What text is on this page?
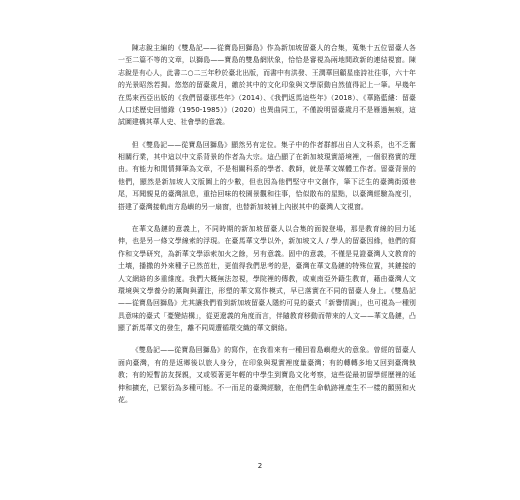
陳志銳主編的《雙島記——從寶島回獅島》作為新加坡留臺人的合集，蒐集十五位留臺人各一至二篇不等的文章，以獅島——寶島的雙島網狀象，恰恰是審視為兩地間政新的連結視窗。陳志銳是有心人，此書二○二三年秒於臺北出版，而書中有洪發、王潤華回顧星座詩社往事，六十年的光景昭然若揭。悠悠的留臺歲月，繳於其中的文化印象與文學原動自然值得記上一筆。早幾年在馬來西亞出版的《我們留臺那些年》（2014）、《我們返馬這些年》（2018）、《華路藍縷：留臺人口述歷史回憶錄（1950-1985）》（2020）也異曲同工，不僅說明留臺歲月不是雁過無痕，這試圖建構其華人史、社會學的意義。

但《雙島記——從寶島回獅島》顯然另有定位。集子中的作者群都出自人文科系，也不乏奮相關行業，其中這以中文系背景的作者為大宗。這凸顯了在新加坡現實語境裡，一個很務實的理由。有能力和閒情揮筆為文章，不是相關科系的學者、教師，就是華文媒體工作者。留臺背景的他們，顯然是新加坡人文版圖上的少數，但也因為他們堅守中文創作，筆下泛生的臺灣街頭巷尾，耳聞親見的臺灣訊息，重拾回味的校園景觀和往事，恰似散布的星點，以臺灣經驗為度引，搭建了臺灣接軌南方島嶼的另一扇窗，也替新加坡補上內嵌其中的臺灣人文視窗。

在華文島鏈的意義上，不同時期的新加坡留臺人以合集的面貌登場，那是教育線的回力延伸，也是另一條文學線索的浮現。在臺馬華文學以外，新加坡文人 / 學人的留臺因緣，他們的寫作和文學研究，為新華文學添索加火之餘，另有意義。固中的意義，不僅是見證臺灣人文教育的土壤，播撒的外來種子已然茁壯，更值得我們思考的是，臺灣在華文島鏈的特殊位置，其鏈接的人文網絡的多重維度。我們大概無法忽視，學院裡的傳教，或東南亞外籍生教育，藉由臺灣人文環境與文學養分的薰陶與灌注，形塑的華文寫作模式，早已落實在不同的留臺人身上。《雙島記——從寶島回獅島》尤其讓我們看到新加坡留臺人隱約可見的臺式「新譽情調」，也可視為一種別具意味的臺式「憂變結構」，從更遼義的角度而言，伴隨教育移動而帶來的人文——華文島鏈，凸顯了新馬華文的發生，離不同周遭循環交織的華文網絡。

《雙島記——從寶島回獅島》的寫作，在我看來有一種回看島嶼燈火的意象。曾經的留臺人面向臺灣，有的是返鄉後以旅人身分，在印象與現實裡度量臺灣；有的轉轉多地又回到臺灣執教；有的短暫訪友探親，又或領著更年輕的中學生到寶島文化考察，這些從最初留學經歷裡的延伸和擴充，已繁衍為多種可能。不一而足的臺灣經驗，在他們生命軌跡裡產生不一樣的顫照和火花。

2
